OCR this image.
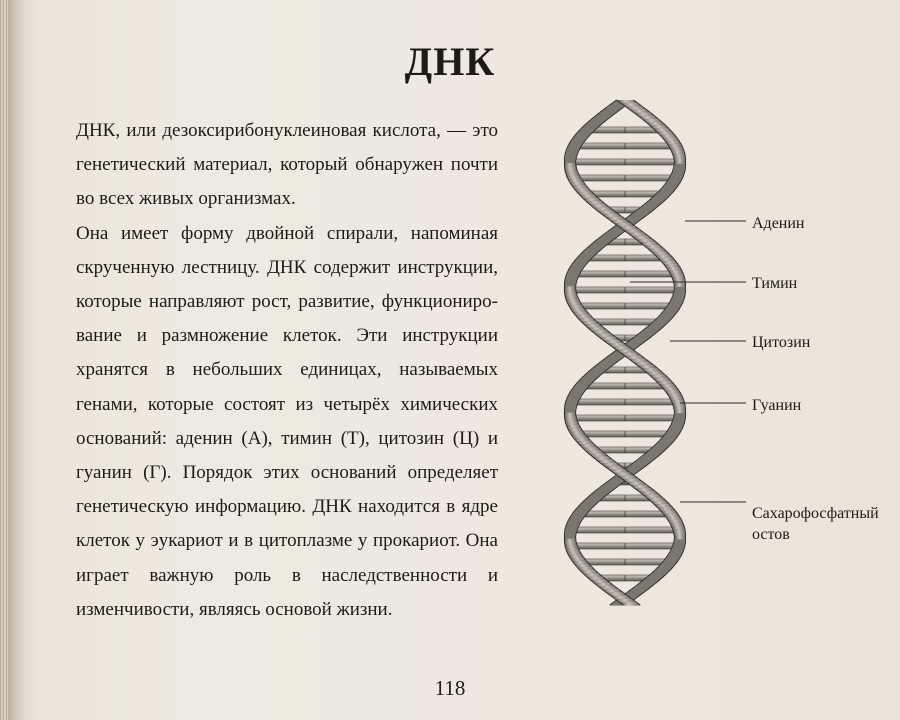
ДНК

ДНК, или дезоксирибонуклеиновая кислота, — это генетический материал, который обнаружен почти во всех живых организмах.

Она имеет форму двойной спирали, напоминая скрученную лестницу. ДНК содержит инструкции, которые направляют рост, развитие, функционирование и размножение клеток. Эти инструкции хранятся в небольших единицах, называемых генами, которые состоят из четырёх химических оснований: аденин (А), тимин (Т), цитозин (Ц) и гуанин (Г). Порядок этих оснований определяет генетическую информацию. ДНК находится в ядре клеток у эукариот и в цитоплазме у прокариот. Она играет важную роль в наследственности и изменчивости, являясь основой жизни.

Аденин
Тимин
Цитозин
Гуанин
Сахарофосфатный
остов
118
